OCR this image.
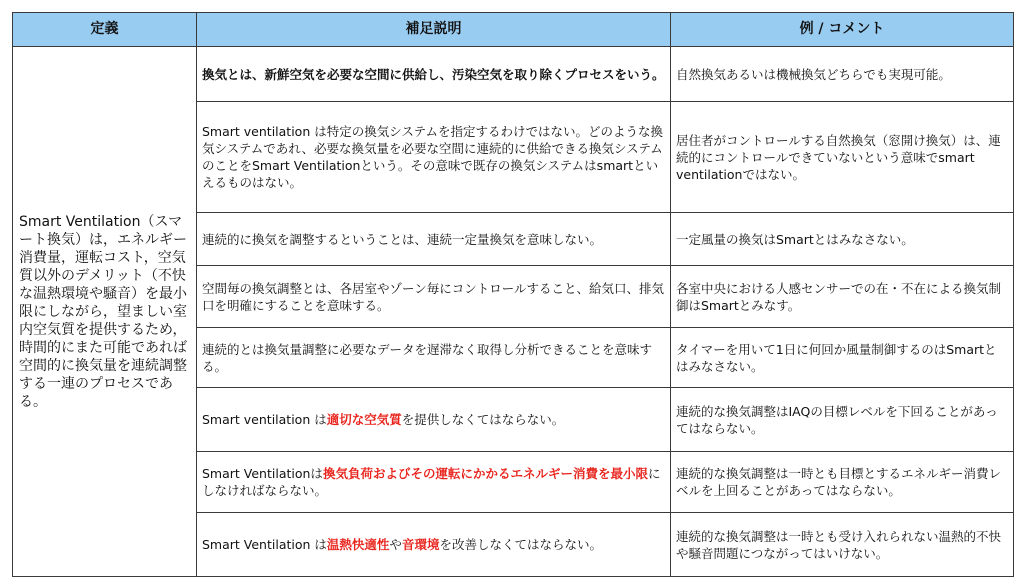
定義	補足説明	例 / コメント
Smart Ventilation（スマート換気）は，エネルギー消費量，運転コスト，空気質以外のデメリット（不快な温熱環境や騒音）を最小限にしながら，望ましい室内空気質を提供するため，時間的にまた可能であれば空間的に換気量を連続調整する一連のプロセスである。	換気とは、新鮮空気を必要な空間に供給し、汚染空気を取り除くプロセスをいう。	自然換気あるいは機械換気どちらでも実現可能。
	Smart ventilation は特定の換気システムを指定するわけではない。どのような換気システムであれ、必要な換気量を必要な空間に連続的に供給できる換気システムのことをSmart Ventilationという。その意味で既存の換気システムはsmartといえるものはない。	居住者がコントロールする自然換気（窓開け換気）は、連続的にコントロールできていないという意味でsmart ventilationではない。
	連続的に換気を調整するということは、連続一定量換気を意味しない。	一定風量の換気はSmartとはみなさない。
	空間毎の換気調整とは、各居室やゾーン毎にコントロールすること、給気口、排気口を明確にすることを意味する。	各室中央における人感センサーでの在・不在による換気制御はSmartとみなす。
	連続的とは換気量調整に必要なデータを遅滞なく取得し分析できることを意味する。	タイマーを用いて1日に何回か風量制御するのはSmartとはみなさない。
	Smart ventilation は適切な空気質を提供しなくてはならない。	連続的な換気調整はIAQの目標レベルを下回ることがあってはならない。
	Smart Ventilationは換気負荷およびその運転にかかるエネルギー消費を最小限にしなければならない。	連続的な換気調整は一時とも目標とするエネルギー消費レベルを上回ることがあってはならない。
	Smart Ventilation は温熱快適性や音環境を改善しなくてはならない。	連続的な換気調整は一時とも受け入れられない温熱的不快や騒音問題につながってはいけない。
